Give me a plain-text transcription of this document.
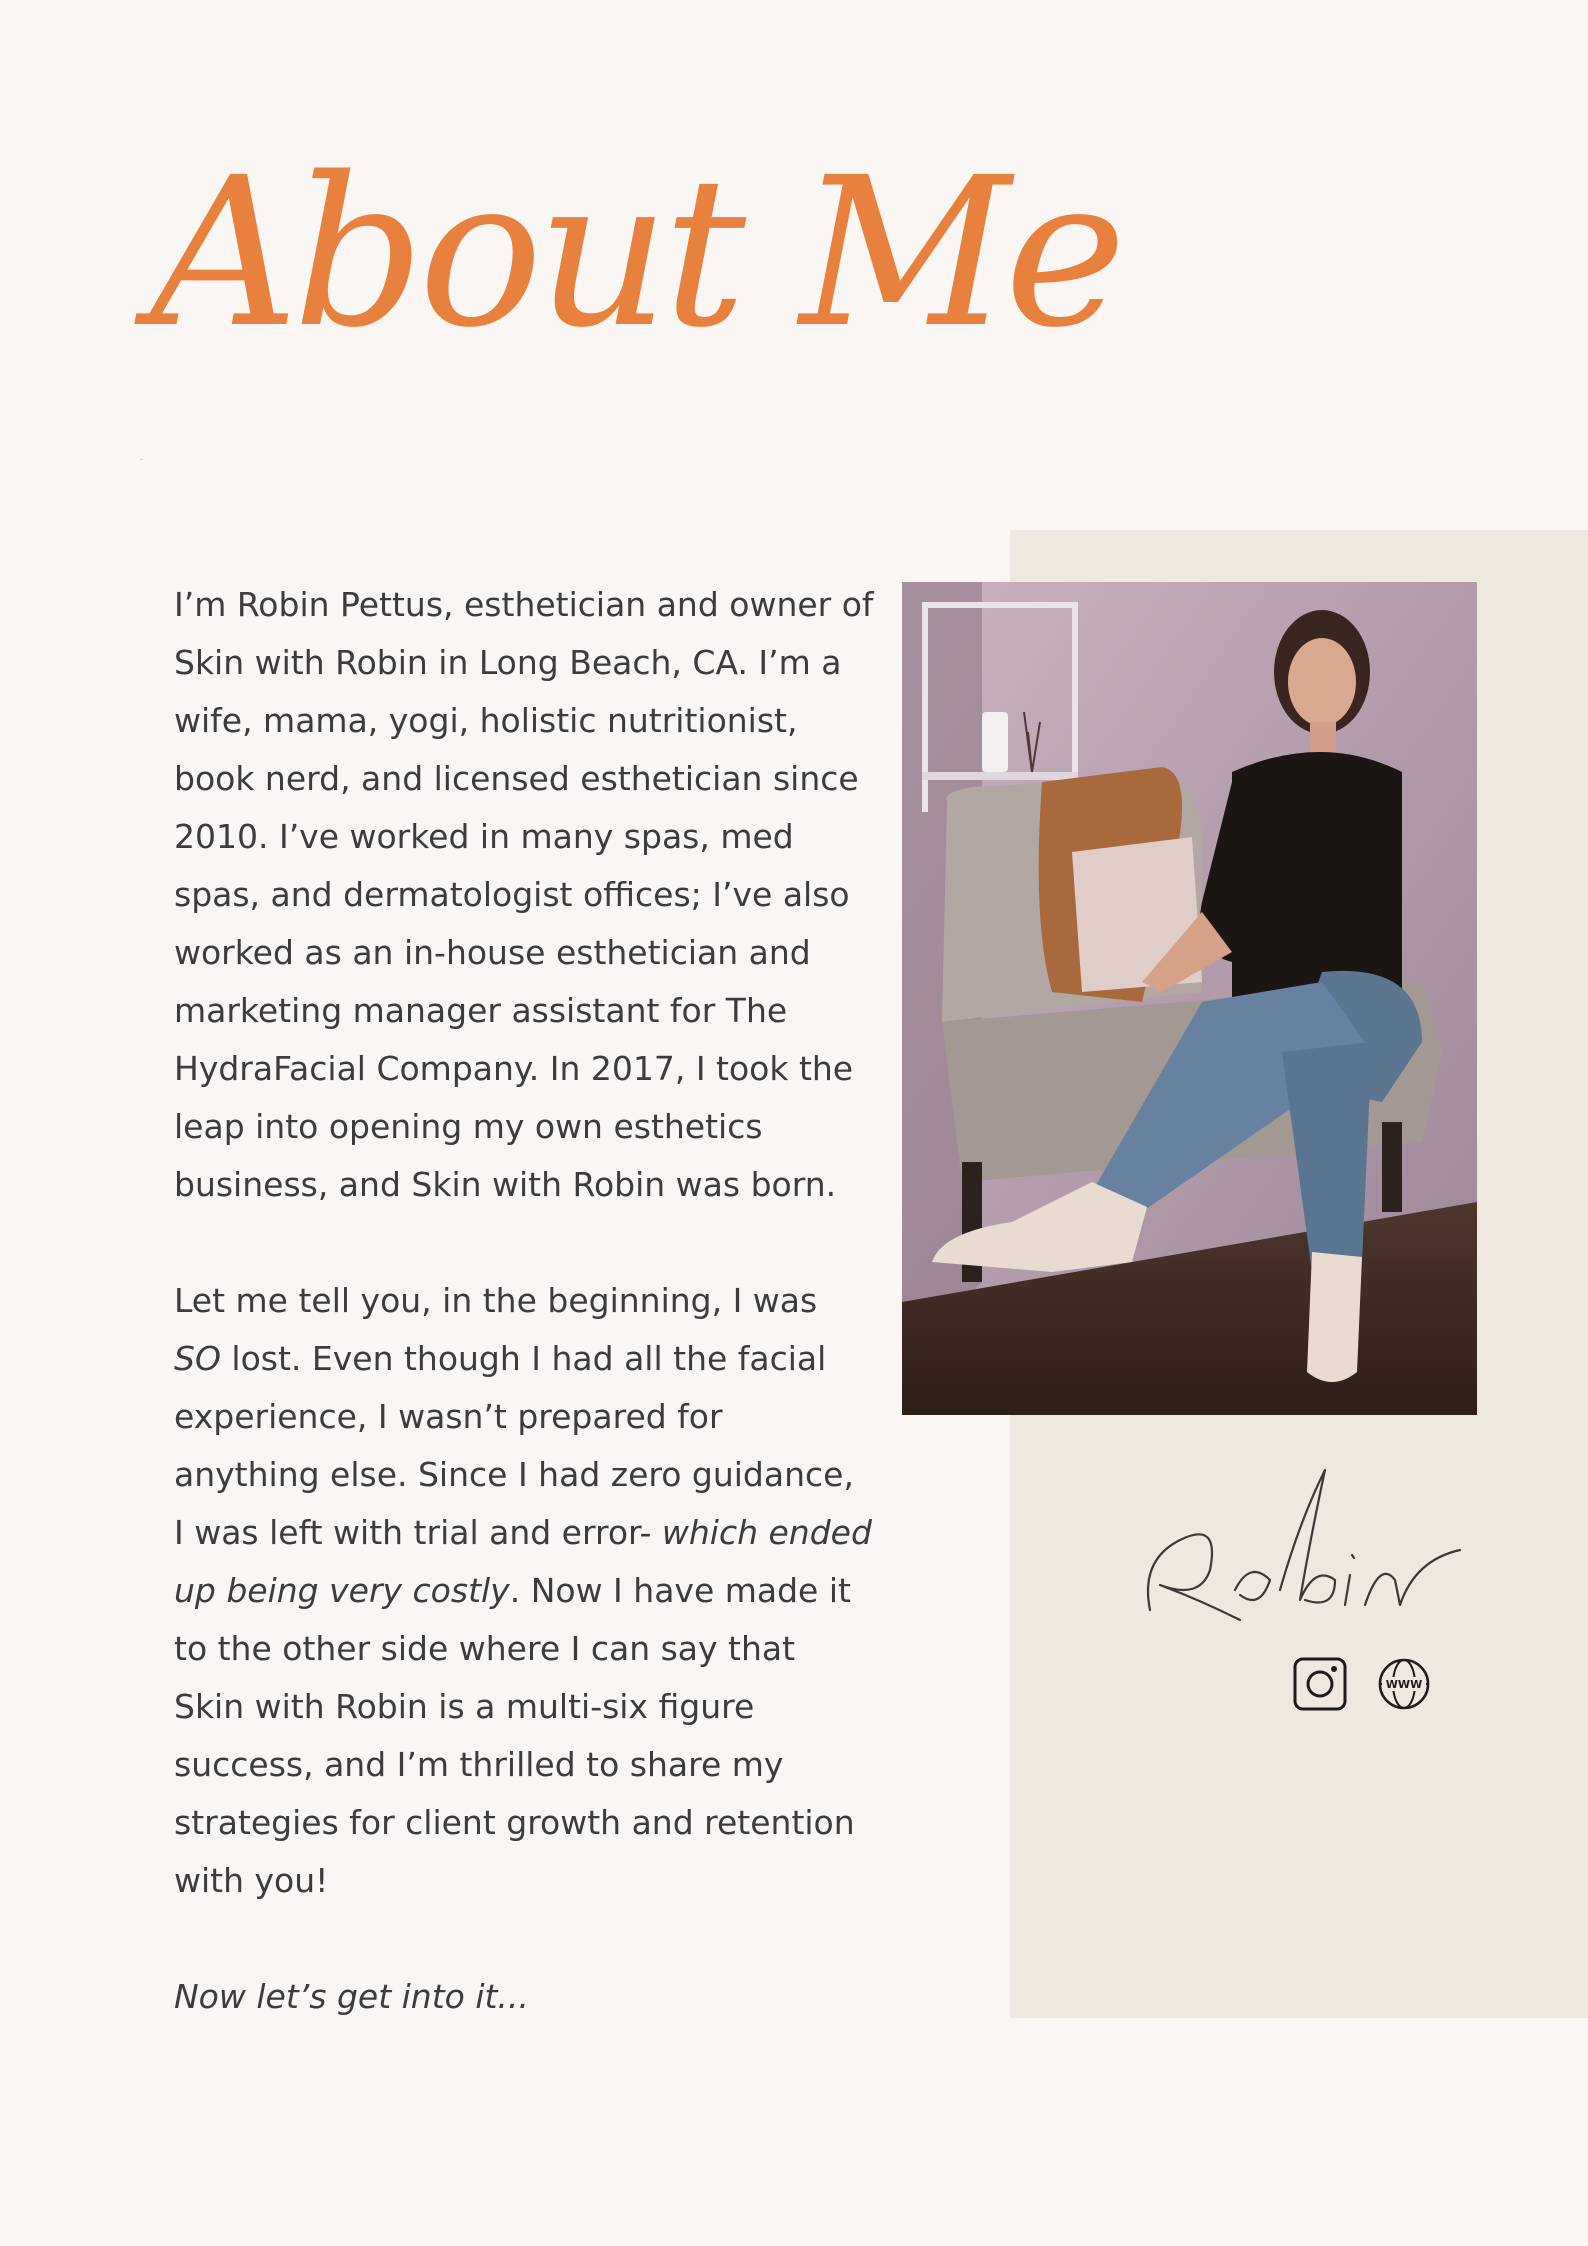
About Me

I’m Robin Pettus, esthetician and owner of Skin with Robin in Long Beach, CA. I’m a wife, mama, yogi, holistic nutritionist, book nerd, and licensed esthetician since 2010. I’ve worked in many spas, med spas, and dermatologist offices; I’ve also worked as an in-house esthetician and marketing manager assistant for The HydraFacial Company. In 2017, I took the leap into opening my own esthetics business, and Skin with Robin was born.

Let me tell you, in the beginning, I was SO lost. Even though I had all the facial experience, I wasn’t prepared for anything else. Since I had zero guidance, I was left with trial and error- which ended up being very costly. Now I have made it to the other side where I can say that Skin with Robin is a multi-six figure success, and I’m thrilled to share my strategies for client growth and retention with you!

Now let’s get into it...

Robin
WWW
